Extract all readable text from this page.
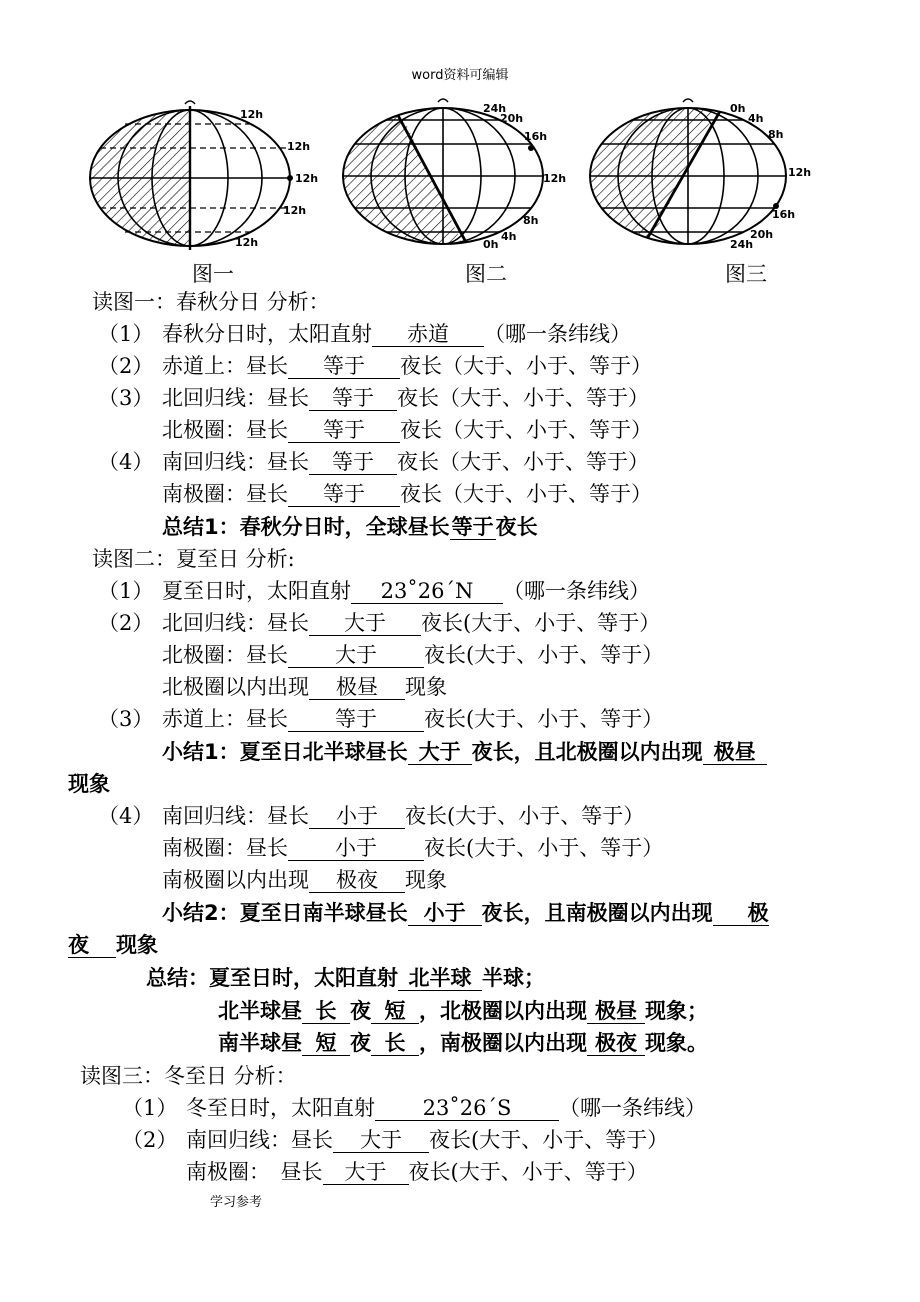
word资料可编辑
12h
12h
12h
12h
12h
24h
20h
16h
12h
8h
4h
0h
0h
4h
8h
12h
16h
20h
24h
图一	图二	图三
读图一：春秋分日 分析：
（1） 春秋分日时，太阳直射 赤道 （哪一条纬线）
（2） 赤道上：昼长 等于 夜长（大于、小于、等于）
（3） 北回归线：昼长 等于 夜长（大于、小于、等于）
北极圈：昼长 等于 夜长（大于、小于、等于）
（4） 南回归线：昼长 等于 夜长（大于、小于、等于）
南极圈：昼长 等于 夜长（大于、小于、等于）
总结1：春秋分日时，全球昼长等于夜长
读图二：夏至日 分析:
（1） 夏至日时，太阳直射 23˚26´N （哪一条纬线）
（2） 北回归线：昼长 大于 夜长(大于、小于、等于）
北极圈：昼长 大于 夜长(大于、小于、等于）
北极圈以内出现 极昼 现象
（3） 赤道上：昼长 等于 夜长(大于、小于、等于）
小结1：夏至日北半球昼长 大于 夜长，且北极圈以内出现 极昼
现象
（4） 南回归线：昼长 小于 夜长(大于、小于、等于）
南极圈：昼长 小于 夜长(大于、小于、等于）
南极圈以内出现 极夜 现象
小结2：夏至日南半球昼长 小于 夜长，且南极圈以内出现 极
夜 现象
总结：夏至日时，太阳直射 北半球 半球；
北半球昼 长 夜 短 ，北极圈以内出现 极昼 现象；
南半球昼 短 夜 长 ，南极圈以内出现 极夜 现象。
读图三：冬至日 分析：
（1） 冬至日时，太阳直射 23˚26´S （哪一条纬线）
（2） 南回归线：昼长 大于 夜长(大于、小于、等于）
南极圈：　昼长 大于 夜长(大于、小于、等于）
学习参考
